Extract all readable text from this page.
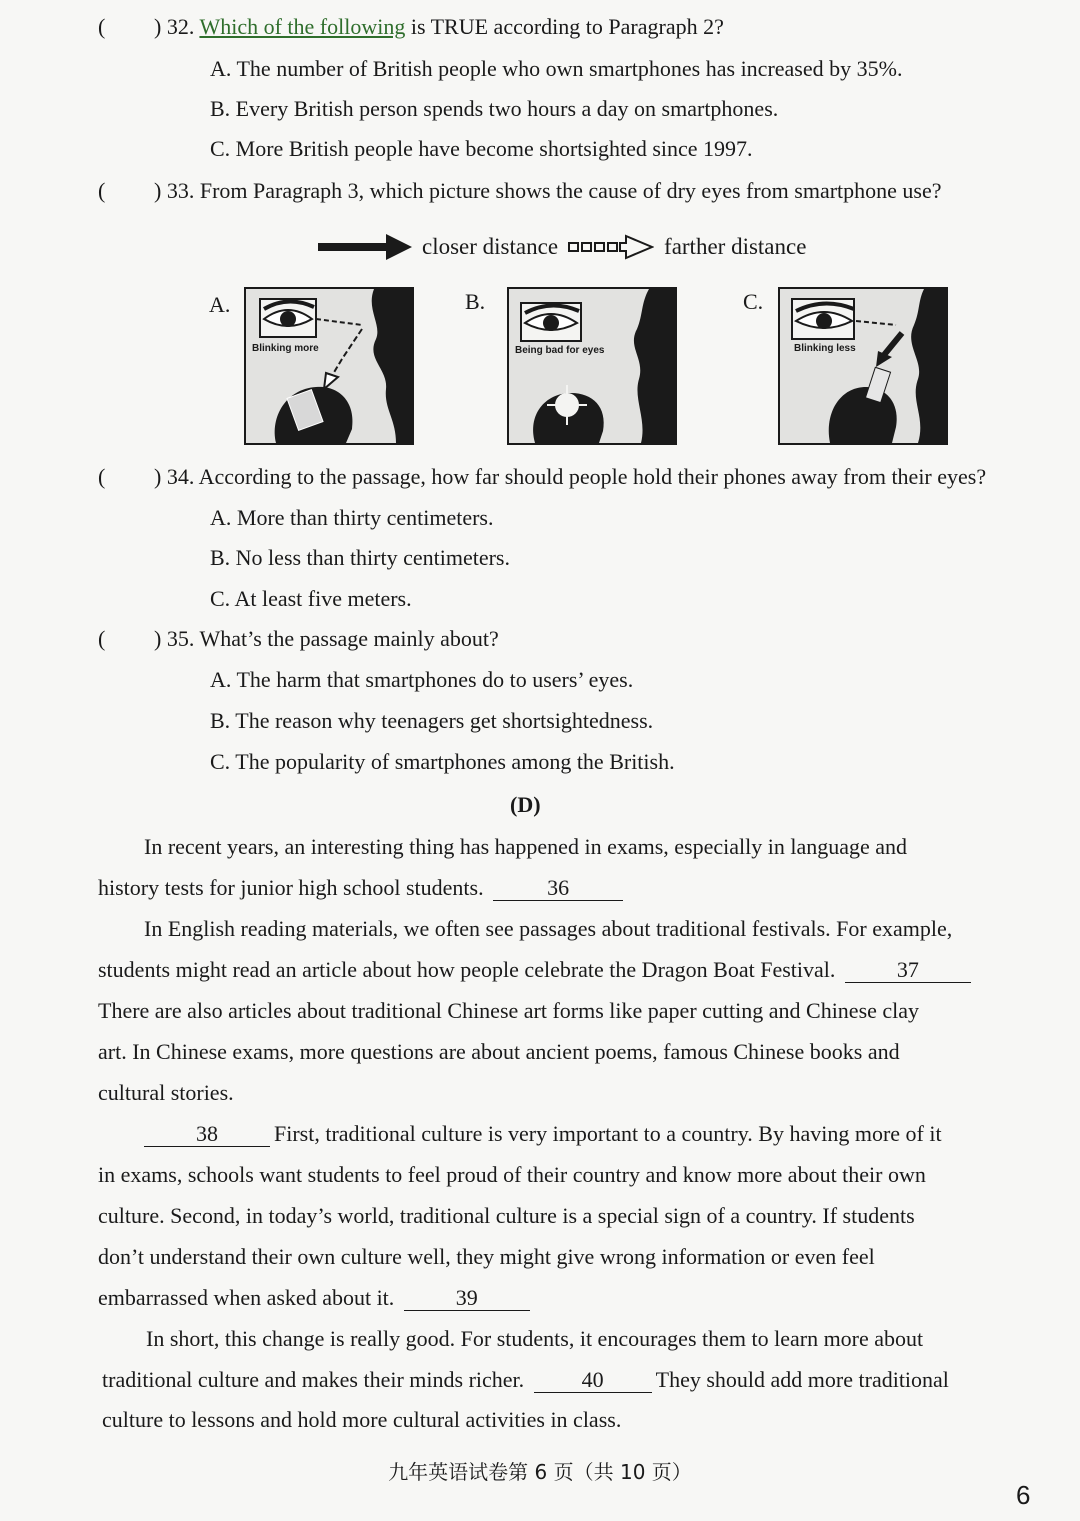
( ) 32. Which of the following is TRUE according to Paragraph 2?
A. The number of British people who own smartphones has increased by 35%.
B. Every British person spends two hours a day on smartphones.
C. More British people have become shortsighted since 1997.
( ) 33. From Paragraph 3, which picture shows the cause of dry eyes from smartphone use?
closer distance	farther distance
A.	B.	C.
Blinking more	Being bad for eyes	Blinking less
( ) 34. According to the passage, how far should people hold their phones away from their eyes?
A. More than thirty centimeters.
B. No less than thirty centimeters.
C. At least five meters.
( ) 35. What’s the passage mainly about?
A. The harm that smartphones do to users’ eyes.
B. The reason why teenagers get shortsightedness.
C. The popularity of smartphones among the British.
(D)
In recent years, an interesting thing has happened in exams, especially in language and
history tests for junior high school students.	36
In English reading materials, we often see passages about traditional festivals. For example,
students might read an article about how people celebrate the Dragon Boat Festival.	37
There are also articles about traditional Chinese art forms like paper cutting and Chinese clay
art. In Chinese exams, more questions are about ancient poems, famous Chinese books and
cultural stories.
38	First, traditional culture is very important to a country. By having more of it
in exams, schools want students to feel proud of their country and know more about their own
culture. Second, in today’s world, traditional culture is a special sign of a country. If students
don’t understand their own culture well, they might give wrong information or even feel
embarrassed when asked about it.	39
In short, this change is really good. For students, it encourages them to learn more about
traditional culture and makes their minds richer.	40 They should add more traditional
culture to lessons and hold more cultural activities in class.
九年英语试卷第 6 页（共 10 页）
6
